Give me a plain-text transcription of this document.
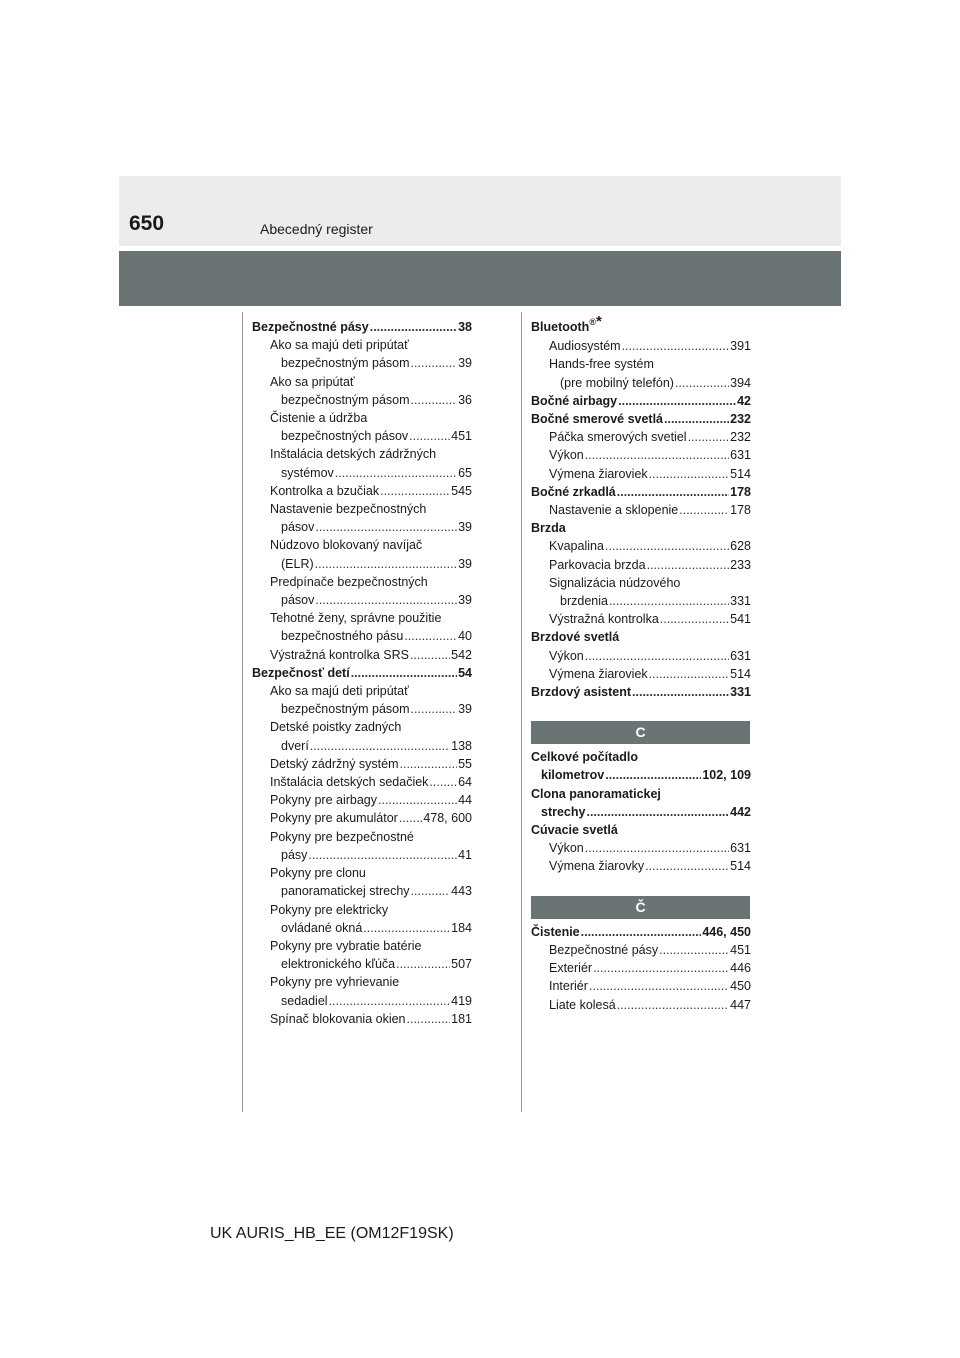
650	Abecedný register
Bezpečnostné pásy .....	38
Ako sa majú deti pripútať
bezpečnostným pásom .....	39
Ako sa pripútať
bezpečnostným pásom .....	36
Čistenie a údržba
bezpečnostných pásov .....	451
Inštalácia detských zádržných
systémov .....	65
Kontrolka a bzučiak .....	545
Nastavenie bezpečnostných
pásov .....	39
Núdzovo blokovaný navíjač
(ELR) .....	39
Predpínače bezpečnostných
pásov .....	39
Tehotné ženy, správne použitie
bezpečnostného pásu .....	40
Výstražná kontrolka SRS .....	542
Bezpečnosť detí .....	54
Ako sa majú deti pripútať
bezpečnostným pásom .....	39
Detské poistky zadných
dverí .....	138
Detský zádržný systém .....	55
Inštalácia detských sedačiek ..... 64
Pokyny pre airbagy .....	44
Pokyny pre akumulátor ..... 478, 600
Pokyny pre bezpečnostné
pásy .....	41
Pokyny pre clonu
panoramatickej strechy .....	443
Pokyny pre elektricky
ovládané okná .....	184
Pokyny pre vybratie batérie
elektronického kľúča .....	507
Pokyny pre vyhrievanie
sedadiel .....	419
Spínač blokovania okien .....	181
Bluetooth®*
Audiosystém .....	391
Hands-free systém
(pre mobilný telefón) .....	394
Bočné airbagy .....	42
Bočné smerové svetlá .....	232
Páčka smerových svetiel .....	232
Výkon .....	631
Výmena žiaroviek .....	514
Bočné zrkadlá .....	178
Nastavenie a sklopenie .....	178
Brzda
Kvapalina .....	628
Parkovacia brzda .....	233
Signalizácia núdzového
brzdenia .....	331
Výstražná kontrolka .....	541
Brzdové svetlá
Výkon .....	631
Výmena žiaroviek .....	514
Brzdový asistent .....	331
C
Celkové počítadlo
kilometrov .....	102, 109
Clona panoramatickej
strechy .....	442
Cúvacie svetlá
Výkon .....	631
Výmena žiarovky .....	514
Č
Čistenie .....	446, 450
Bezpečnostné pásy .....	451
Exteriér .....	446
Interiér .....	450
Liate kolesá .....	447
UK AURIS_HB_EE (OM12F19SK)
